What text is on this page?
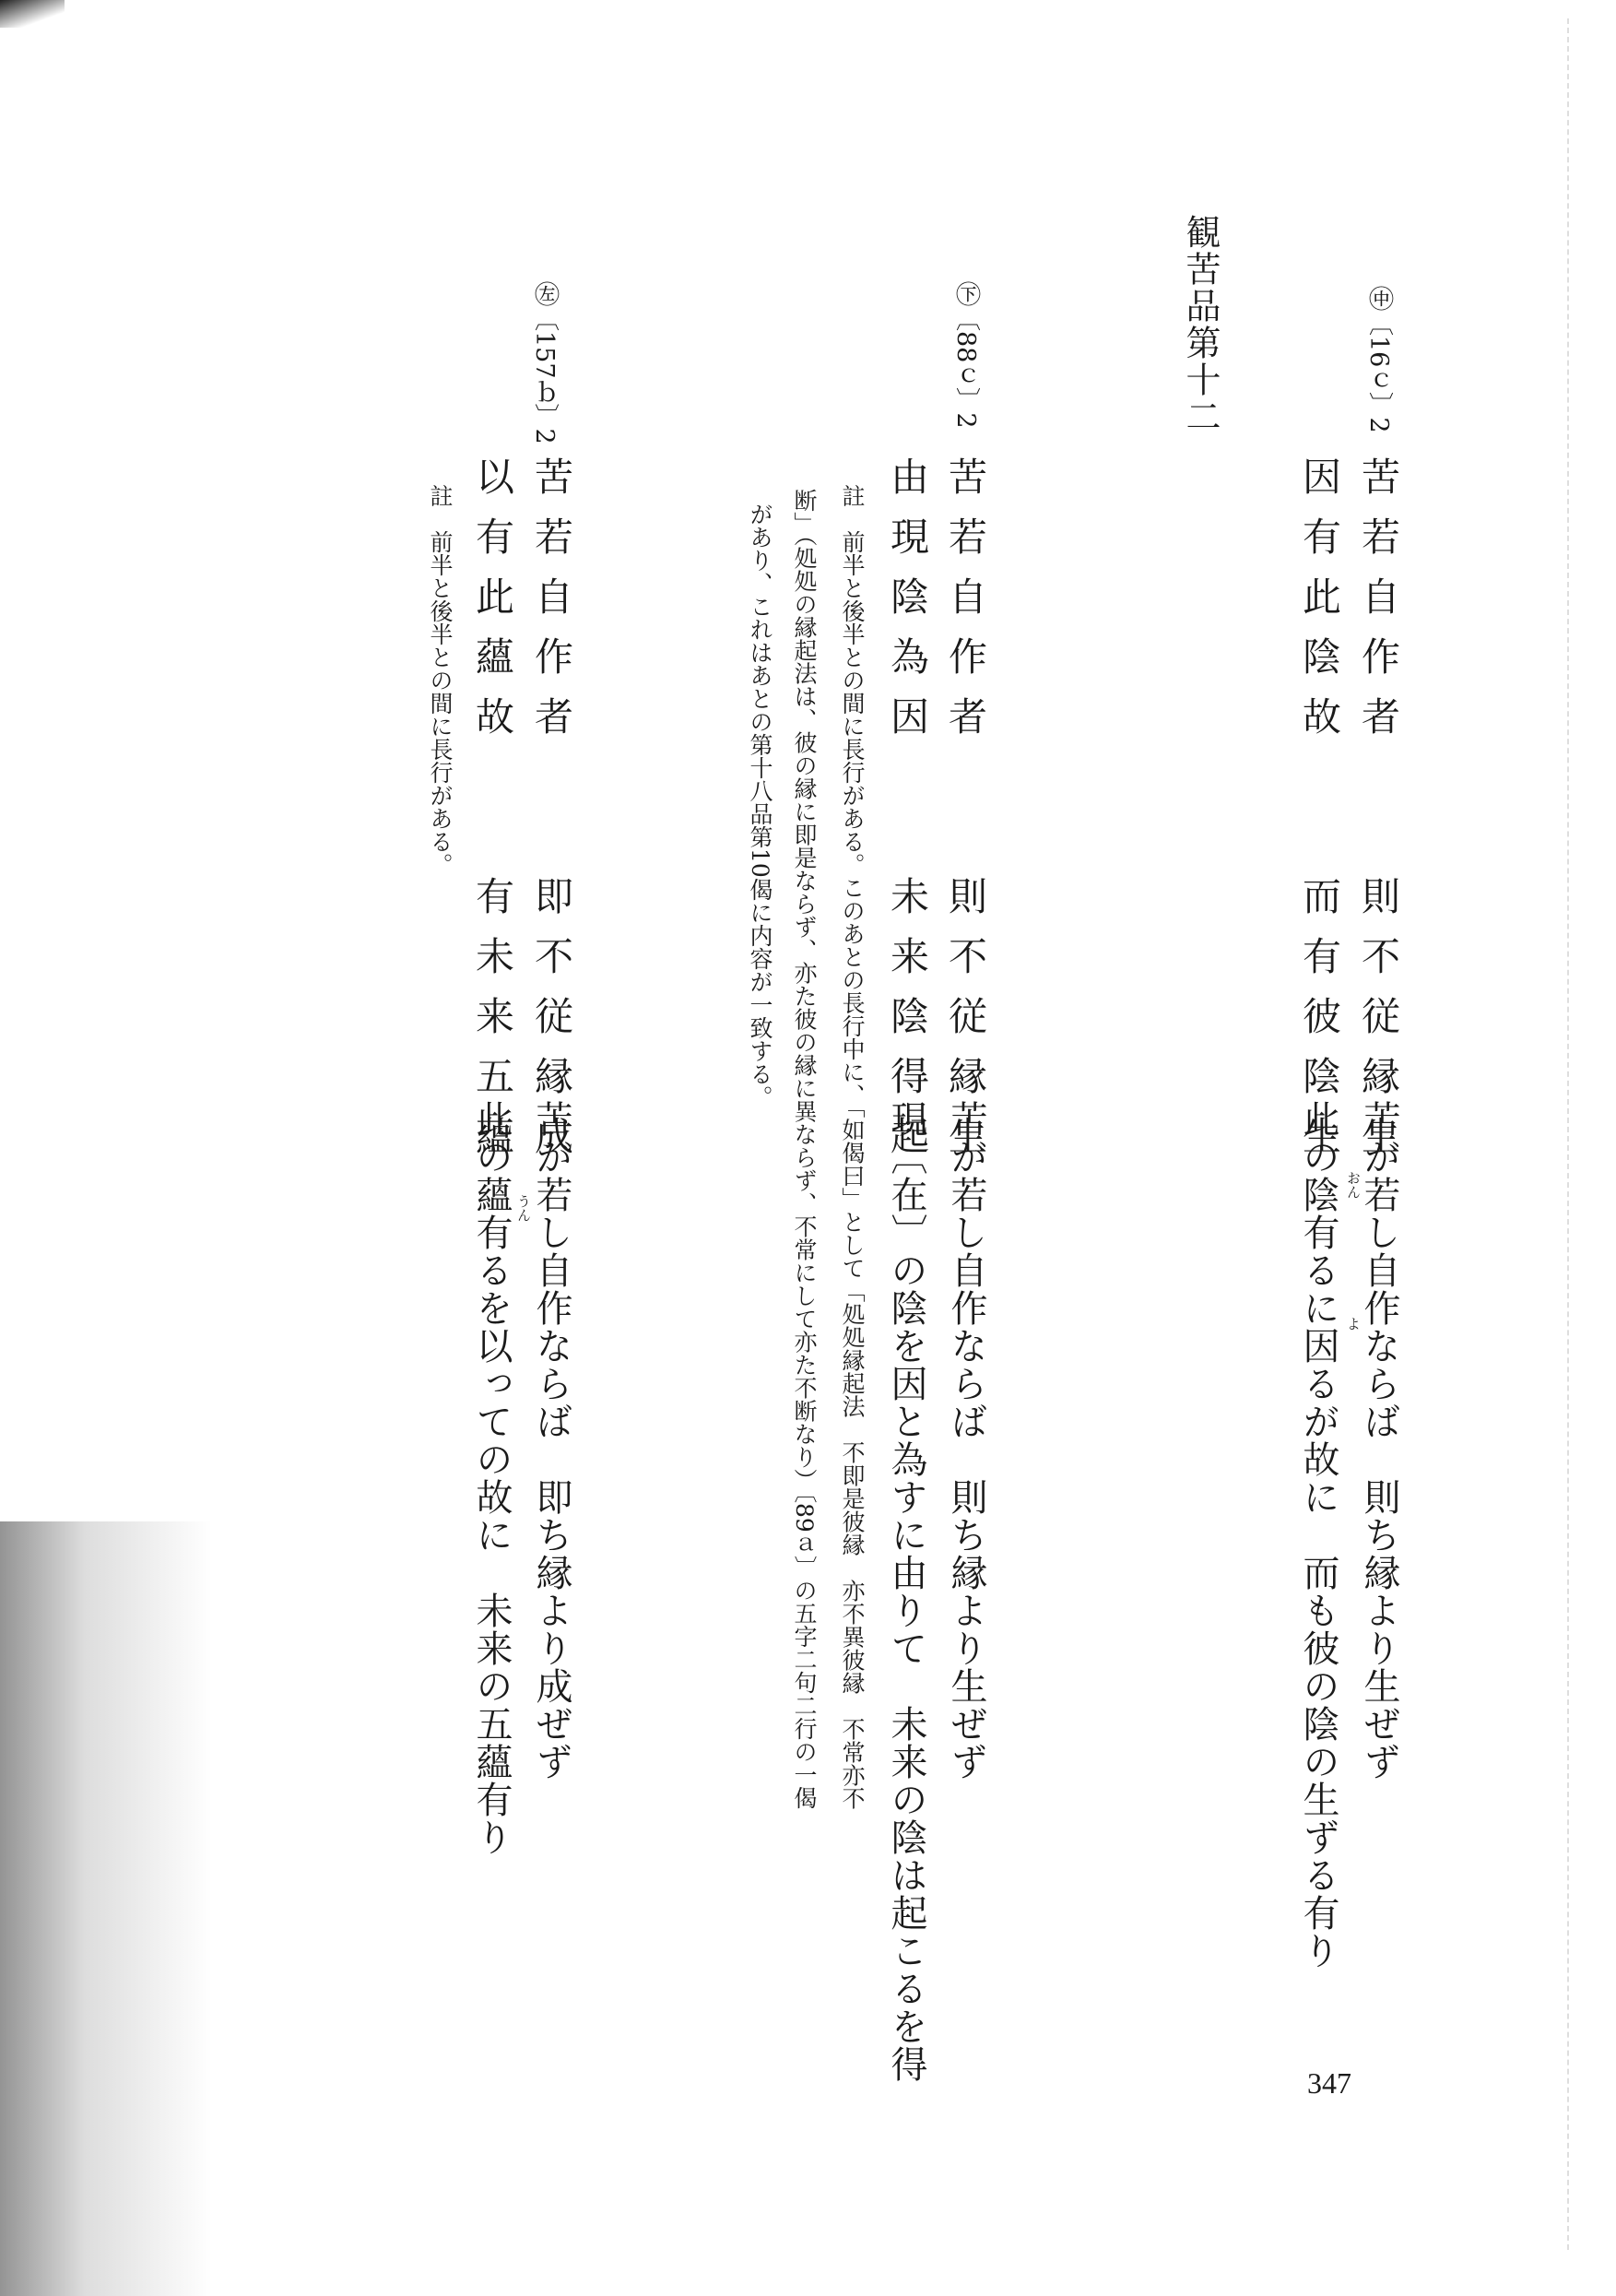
観苦品第十二	㊥〔16ｃ〕2
苦若自作者　　則不従縁生
因有此陰故　　而有彼陰生
苦が若し自作ならば　則ち縁より生ぜず
此の陰有るに因るが故に　而も彼の陰の生ずる有り おん
よ
㊦〔88ｃ〕2
苦若自作者　　則不従縁生
由現陰為因　　未来陰得起
苦が若し自作ならば　則ち縁より生ぜず
現〔在〕の陰を因と為すに由りて　未来の陰は起こるを得
註　前半と後半との間に長行がある。このあとの長行中に、「如偈曰」として「処処縁起法　不即是彼縁　亦不異彼縁　不常亦不
断」（処処の縁起法は、彼の縁に即是ならず、亦た彼の縁に異ならず、不常にして亦た不断なり）〔89ａ〕の五字二句二行の一偈
があり、これはあとの第十八品第10偈に内容が一致する。
㊧〔157ｂ〕2
苦若自作者　　即不従縁成
以有此蘊故　　有未来五蘊
苦が若し自作ならば　即ち縁より成ぜず
此の蘊有るを以っての故に　未来の五蘊有り うん
註　前半と後半との間に長行がある。
347
